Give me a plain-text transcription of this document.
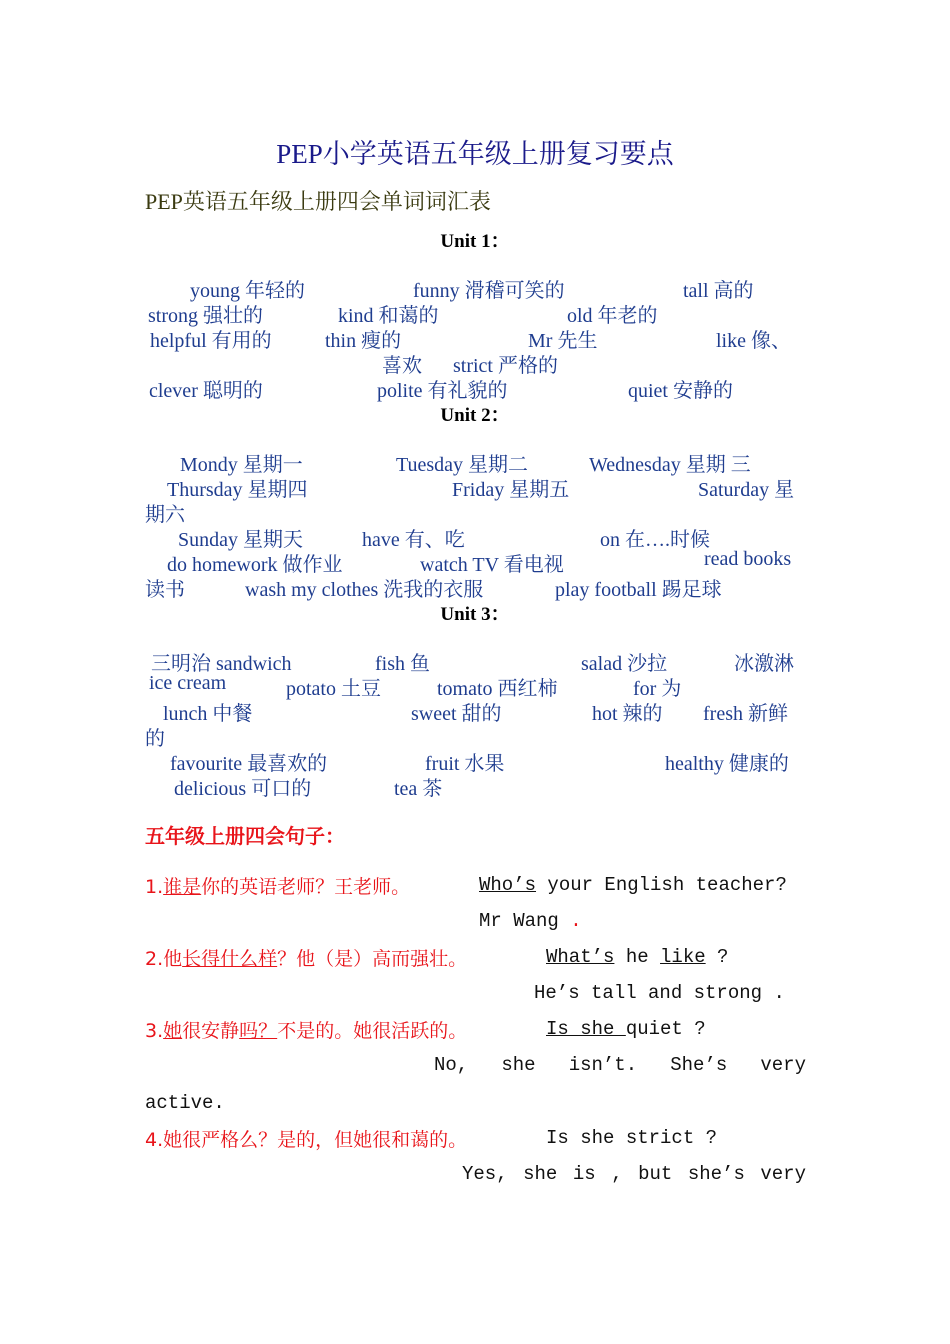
PEP小学英语五年级上册复习要点
PEP英语五年级上册四会单词词汇表
Unit 1：
young 年轻的	funny 滑稽可笑的	tall 高的
strong 强壮的	kind 和蔼的	old 年老的
helpful 有用的	thin 瘦的	Mr 先生	like 像、
喜欢 strict 严格的
clever 聪明的	polite 有礼貌的	quiet 安静的
Unit 2：
Mondy 星期一	Tuesday 星期二	Wednesday 星期 三
Thursday 星期四	Friday 星期五	Saturday 星
期六
Sunday 星期天	have 有、吃	on 在….时候
do homework 做作业	watch TV 看电视	read books
读书	wash my clothes 洗我的衣服	play football 踢足球
Unit 3：
三明治 sandwich	fish 鱼	salad 沙拉	冰激淋
ice cream	potato 土豆	tomato 西红柿	for 为
lunch 中餐	sweet 甜的	hot 辣的 fresh 新鲜
的
favourite 最喜欢的	fruit 水果	healthy 健康的
delicious 可口的	tea 茶
五年级上册四会句子：
1.谁是你的英语老师？王老师。	Who’s your English teacher?
Mr Wang .
2.他长得什么样？他（是）高而强壮。	What’s he like ?
He’s tall and strong .
3.她很安静吗？不是的。她很活跃的。	Is she quiet ?
No, she isn’t. She’s very
active.
4.她很严格么？是的，但她很和蔼的。	Is she strict ?
Yes, she is , but she’s very
